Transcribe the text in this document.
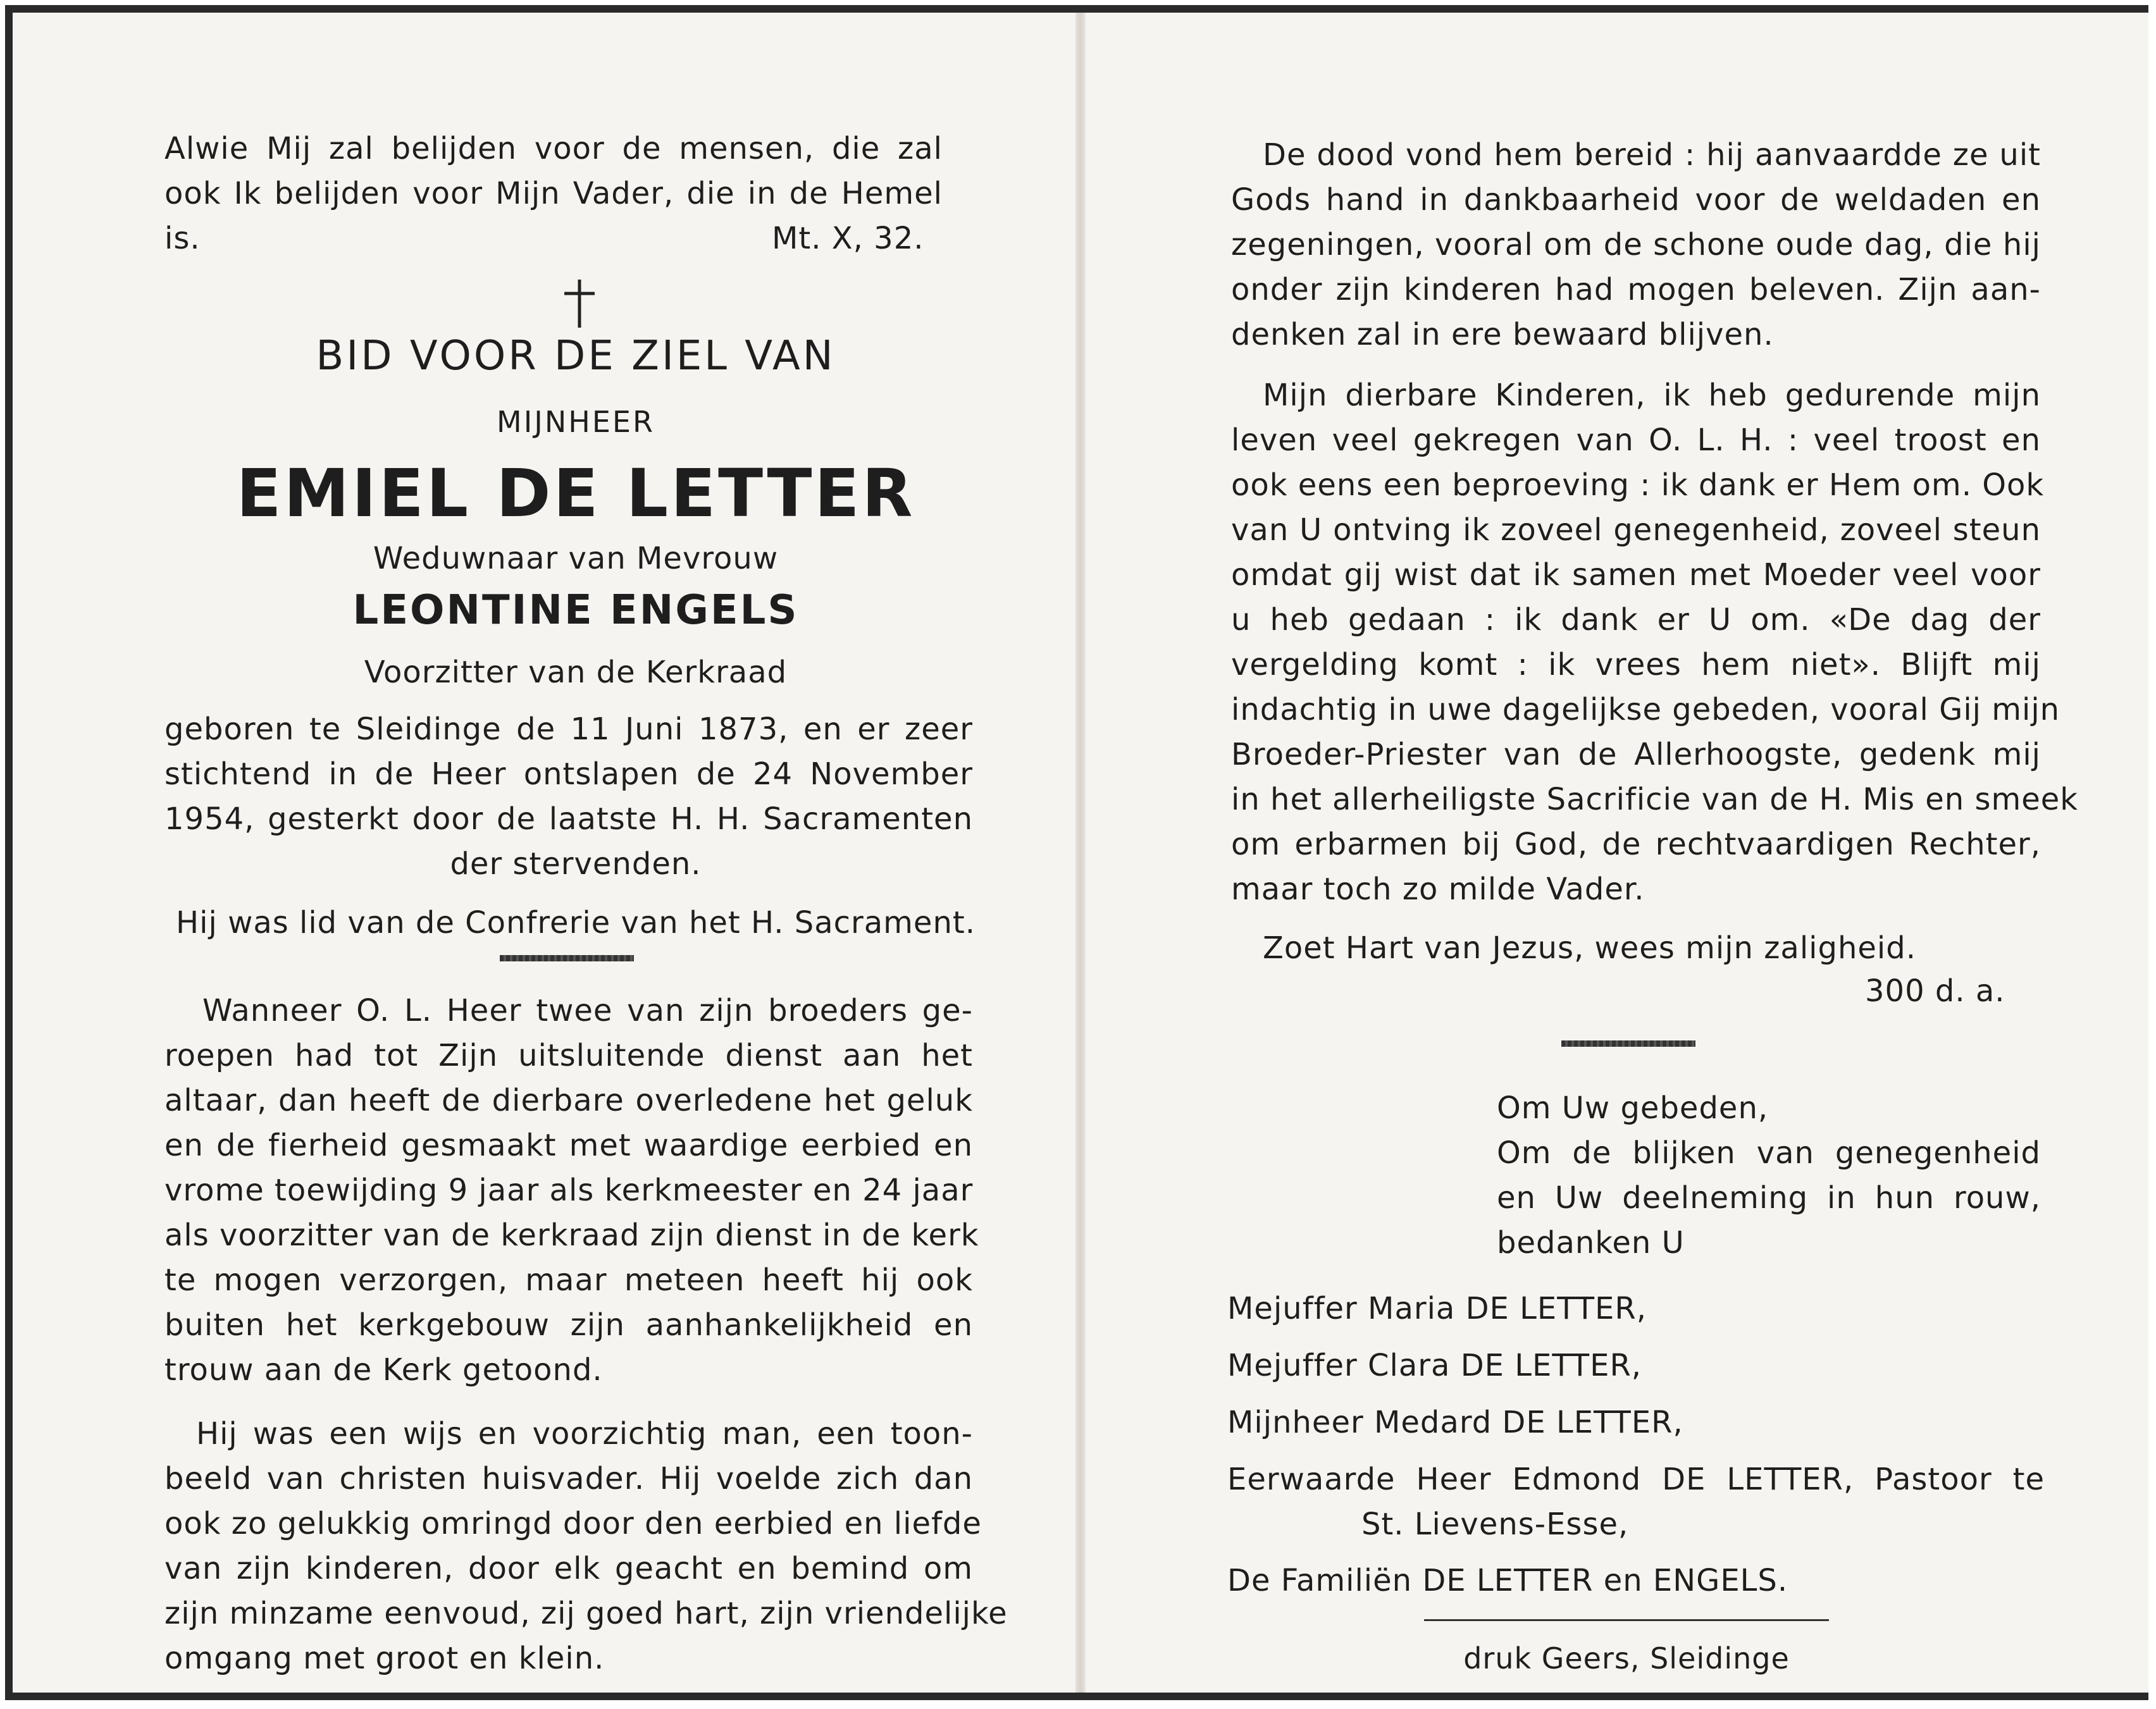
Alwie Mij zal belijden voor de mensen, die zal
ook Ik belijden voor Mijn Vader, die in de Hemel
is.	Mt. X, 32.
BID VOOR DE ZIEL VAN
MIJNHEER
EMIEL DE LETTER
Weduwnaar van Mevrouw
LEONTINE ENGELS
Voorzitter van de Kerkraad
geboren te Sleidinge de 11 Juni 1873, en er zeer
stichtend in de Heer ontslapen de 24 November
1954, gesterkt door de laatste H. H. Sacramenten
der stervenden.
Hij was lid van de Confrerie van het H. Sacrament.
Wanneer O. L. Heer twee van zijn broeders ge-
roepen had tot Zijn uitsluitende dienst aan het
altaar, dan heeft de dierbare overledene het geluk
en de fierheid gesmaakt met waardige eerbied en
vrome toewijding 9 jaar als kerkmeester en 24 jaar
als voorzitter van de kerkraad zijn dienst in de kerk
te mogen verzorgen, maar meteen heeft hij ook
buiten het kerkgebouw zijn aanhankelijkheid en
trouw aan de Kerk getoond.
Hij was een wijs en voorzichtig man, een toon-
beeld van christen huisvader. Hij voelde zich dan
ook zo gelukkig omringd door den eerbied en liefde
van zijn kinderen, door elk geacht en bemind om
zijn minzame eenvoud, zij goed hart, zijn vriendelijke
omgang met groot en klein.
De dood vond hem bereid : hij aanvaardde ze uit
Gods hand in dankbaarheid voor de weldaden en
zegeningen, vooral om de schone oude dag, die hij
onder zijn kinderen had mogen beleven. Zijn aan-
denken zal in ere bewaard blijven.
Mijn dierbare Kinderen, ik heb gedurende mijn
leven veel gekregen van O. L. H. : veel troost en
ook eens een beproeving : ik dank er Hem om. Ook
van U ontving ik zoveel genegenheid, zoveel steun
omdat gij wist dat ik samen met Moeder veel voor
u heb gedaan : ik dank er U om. «De dag der
vergelding komt : ik vrees hem niet». Blijft mij
indachtig in uwe dagelijkse gebeden, vooral Gij mijn
Broeder-Priester van de Allerhoogste, gedenk mij
in het allerheiligste Sacrificie van de H. Mis en smeek
om erbarmen bij God, de rechtvaardigen Rechter,
maar toch zo milde Vader.
Zoet Hart van Jezus, wees mijn zaligheid.
300 d. a.
Om Uw gebeden,
Om de blijken van genegenheid
en Uw deelneming in hun rouw,
bedanken U
Mejuffer Maria DE LETTER,
Mejuffer Clara DE LETTER,
Mijnheer Medard DE LETTER,
Eerwaarde Heer Edmond DE LETTER, Pastoor te
St. Lievens-Esse,
De Familiën DE LETTER en ENGELS.
druk Geers, Sleidinge
